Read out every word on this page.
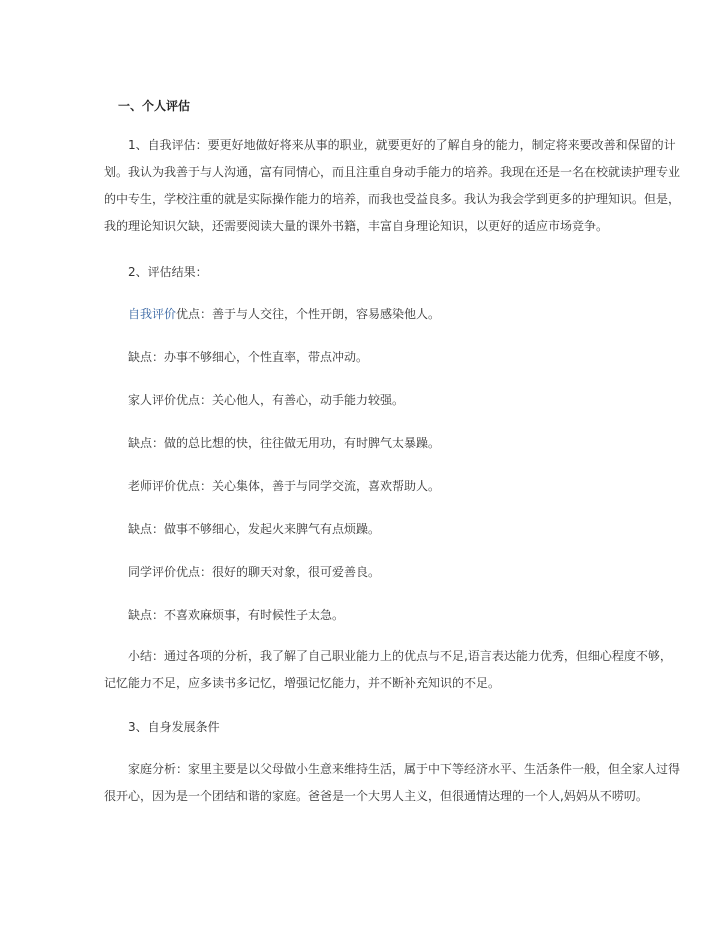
一、个人评估
1、自我评估：要更好地做好将来从事的职业，就要更好的了解自身的能力，制定将来要改善和保留的计
划。我认为我善于与人沟通，富有同情心，而且注重自身动手能力的培养。我现在还是一名在校就读护理专业
的中专生，学校注重的就是实际操作能力的培养，而我也受益良多。我认为我会学到更多的护理知识。但是，
我的理论知识欠缺，还需要阅读大量的课外书籍，丰富自身理论知识，以更好的适应市场竞争。
2、评估结果：
自我评价优点：善于与人交往，个性开朗，容易感染他人。
缺点：办事不够细心，个性直率，带点冲动。
家人评价优点：关心他人，有善心，动手能力较强。
缺点：做的总比想的快，往往做无用功，有时脾气太暴躁。
老师评价优点：关心集体，善于与同学交流，喜欢帮助人。
缺点：做事不够细心，发起火来脾气有点烦躁。
同学评价优点：很好的聊天对象，很可爱善良。
缺点：不喜欢麻烦事，有时候性子太急。
小结：通过各项的分析，我了解了自己职业能力上的优点与不足,语言表达能力优秀，但细心程度不够，
记忆能力不足，应多读书多记忆，增强记忆能力，并不断补充知识的不足。
3、自身发展条件
家庭分析：家里主要是以父母做小生意来维持生活，属于中下等经济水平、生活条件一般，但全家人过得
很开心，因为是一个团结和谐的家庭。爸爸是一个大男人主义，但很通情达理的一个人,妈妈从不唠叨。
